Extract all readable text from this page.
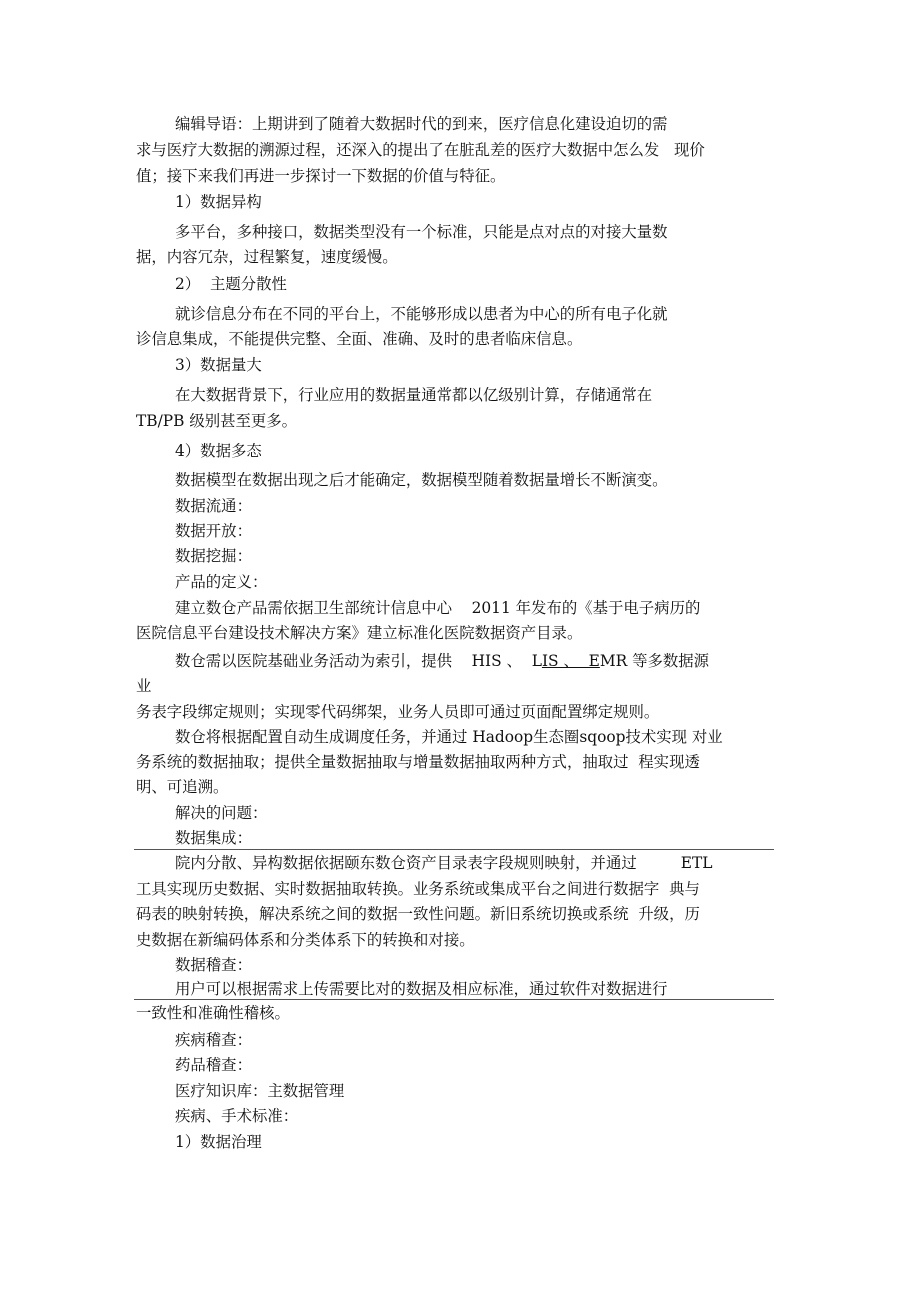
编辑导语：上期讲到了随着大数据时代的到来，医疗信息化建设迫切的需

求与医疗大数据的溯源过程，还深入的提出了在脏乱差的医疗大数据中怎么发   现价

值；接下来我们再进一步探讨一下数据的价值与特征。

1）数据异构

多平台，多种接口，数据类型没有一个标准，只能是点对点的对接大量数

据，内容冗杂，过程繁复，速度缓慢。

2）  主题分散性

就诊信息分布在不同的平台上，不能够形成以患者为中心的所有电子化就

诊信息集成，不能提供完整、全面、准确、及时的患者临床信息。

3）数据量大

在大数据背景下，行业应用的数据量通常都以亿级别计算，存储通常在

TB/PB 级别甚至更多。

4）数据多态

数据模型在数据出现之后才能确定，数据模型随着数据量增长不断演变。

数据流通：

数据开放：

数据挖掘：

产品的定义：

建立数仓产品需依据卫生部统计信息中心    2011 年发布的《基于电子病历的

医院信息平台建设技术解决方案》建立标准化医院数据资产目录。

数仓需以医院基础业务活动为索引，提供    HIS 、  LIS 、  EMR 等多数据源

业

务表字段绑定规则；实现零代码绑架，业务人员即可通过页面配置绑定规则。

数仓将根据配置自动生成调度任务，并通过 Hadoop生态圈sqoop技术实现 对业

务系统的数据抽取；提供全量数据抽取与增量数据抽取两种方式，抽取过  程实现透

明、可追溯。

解决的问题：

数据集成：

院内分散、异构数据依据颐东数仓资产目录表字段规则映射，并通过         ETL

工具实现历史数据、实时数据抽取转换。业务系统或集成平台之间进行数据字  典与

码表的映射转换，解决系统之间的数据一致性问题。新旧系统切换或系统  升级，历

史数据在新编码体系和分类体系下的转换和对接。

数据稽查：

用户可以根据需求上传需要比对的数据及相应标准，通过软件对数据进行

一致性和准确性稽核。

疾病稽查：

药品稽查：

医疗知识库：主数据管理

疾病、手术标准：

1）数据治理
